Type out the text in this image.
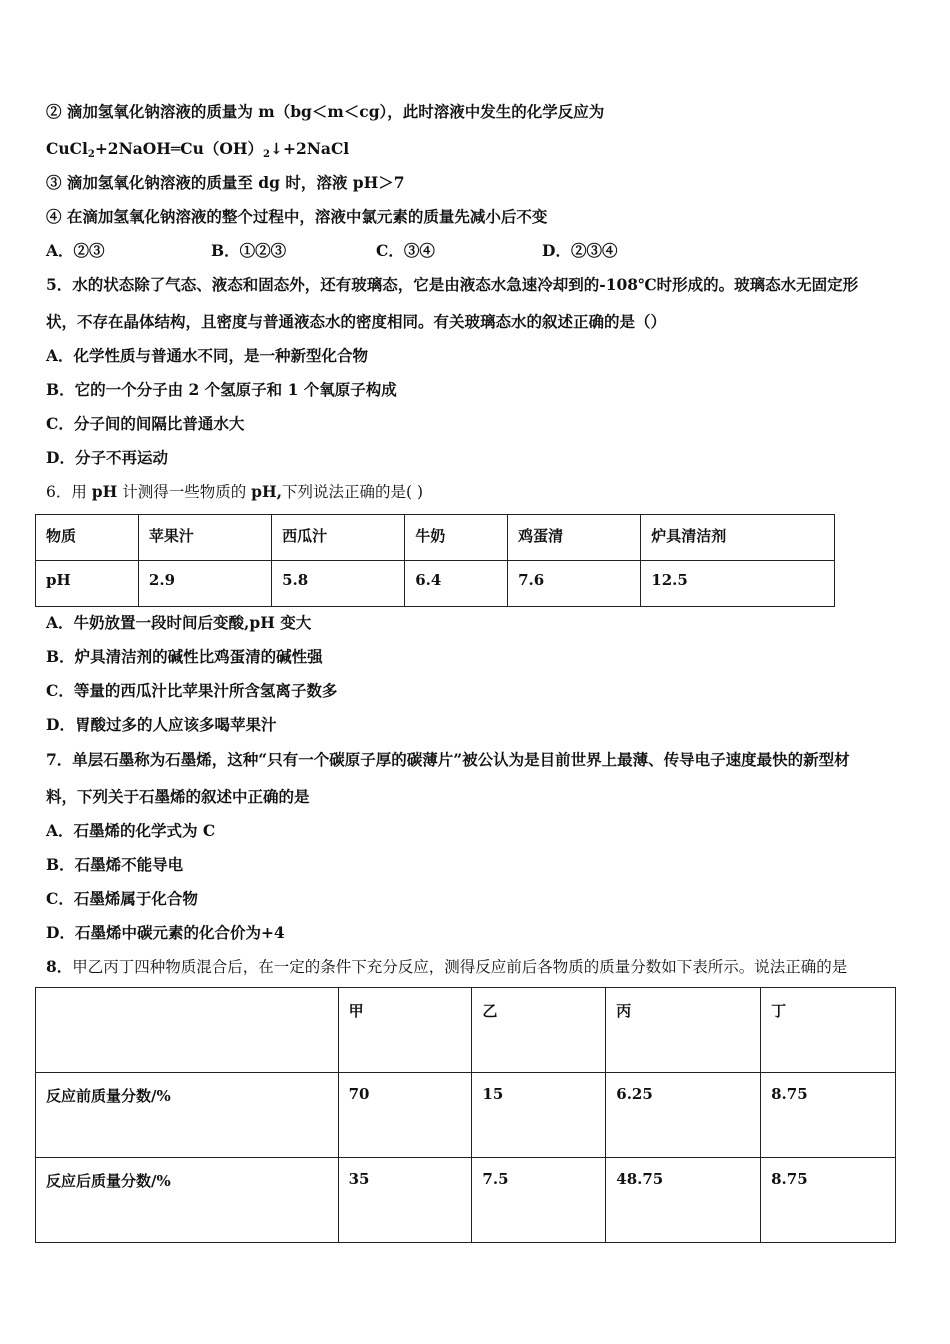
② 滴加氢氧化钠溶液的质量为 m（bg＜m＜cg），此时溶液中发生的化学反应为
$CuCl_2+2NaOH═Cu(OH)_2↓+2NaCl$
③ 滴加氢氧化钠溶液的质量至 dg 时，溶液 pH＞7
④ 在滴加氢氧化钠溶液的整个过程中，溶液中氯元素的质量先减小后不变
A．②③	B．①②③	C．③④	D．②③④
5．水的状态除了气态、液态和固态外，还有玻璃态，它是由液态水急速冷却到的-108℃时形成的。玻璃态水无固定形
状，不存在晶体结构，且密度与普通液态水的密度相同。有关玻璃态水的叙述正确的是（）
A．化学性质与普通水不同，是一种新型化合物
B．它的一个分子由 2 个氢原子和 1 个氧原子构成
C．分子间的间隔比普通水大
D．分子不再运动
6．用 pH 计测得一些物质的 pH,下列说法正确的是( )
物质	苹果汁	西瓜汁	牛奶	鸡蛋清	炉具清洁剂
pH	2.9	5.8	6.4	7.6	12.5
A．牛奶放置一段时间后变酸,pH 变大
B．炉具清洁剂的碱性比鸡蛋清的碱性强
C．等量的西瓜汁比苹果汁所含氢离子数多
D．胃酸过多的人应该多喝苹果汁
7．单层石墨称为石墨烯，这种“只有一个碳原子厚的碳薄片”被公认为是目前世界上最薄、传导电子速度最快的新型材
料，下列关于石墨烯的叙述中正确的是
A．石墨烯的化学式为 C
B．石墨烯不能导电
C．石墨烯属于化合物
D．石墨烯中碳元素的化合价为+4
8．甲乙丙丁四种物质混合后，在一定的条件下充分反应，测得反应前后各物质的质量分数如下表所示。说法正确的是
	甲	乙	丙	丁
反应前质量分数/%	70	15	6.25	8.75
反应后质量分数/%	35	7.5	48.75	8.75
